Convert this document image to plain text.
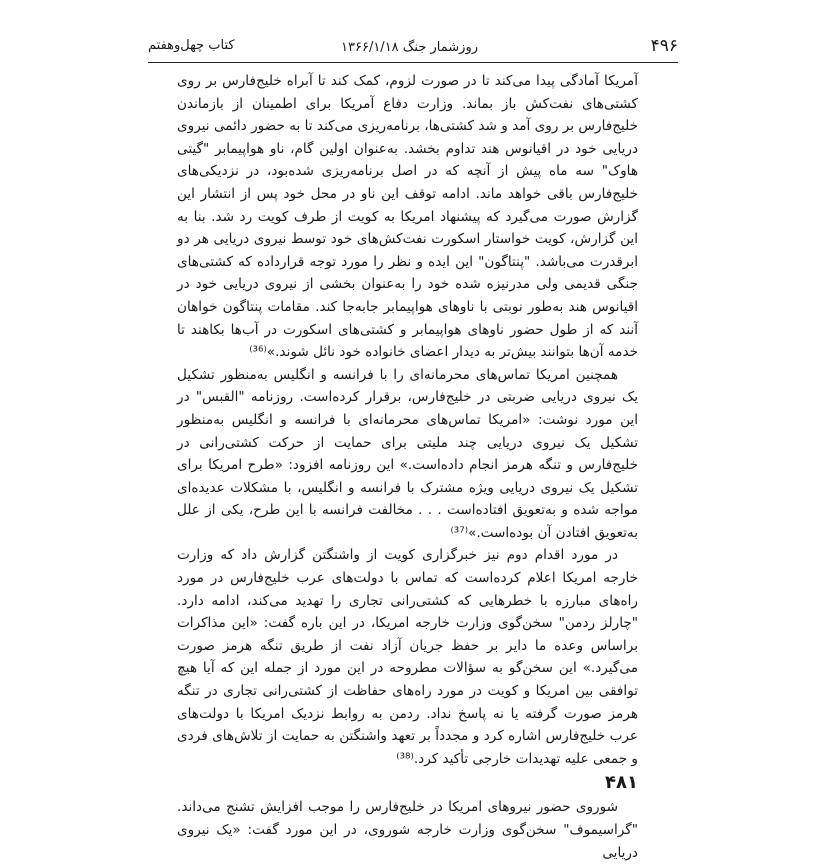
۴۹۶
روزشمار جنگ ۱۳۶۶/۱/۱۸
کتاب چهل‌وهفتم

آمریکا آمادگی پیدا می‌کند تا در صورت لزوم، کمک کند تا آبراه خلیج‌فارس بر روی کشتی‌های نفت‌کش باز بماند. وزارت دفاع آمریکا برای اطمینان از بازماندن خلیج‌فارس بر روی آمد و شد کشتی‌ها، برنامه‌ریزی می‌کند تا به حضور دائمی نیروی دریایی خود در اقیانوس هند تداوم بخشد. به‌عنوان اولین گام، ناو هواپیمابر "گیتی هاوک" سه ماه پیش از آنچه که در اصل برنامه‌ریزی شده‌بود، در نزدیکی‌های خلیج‌فارس باقی خواهد ماند. ادامه توقف این ناو در محل خود پس از انتشار این گزارش صورت می‌گیرد که پیشنهاد امریکا به کویت از طرف کویت رد شد. بنا به این گزارش، کویت خواستار اسکورت نفت‌کش‌های خود توسط نیروی دریایی هر دو ابرقدرت می‌باشد. "پنتاگون" این ایده و نظر را مورد توجه قرارداده که کشتی‌های جنگی قدیمی ولی مدرنیزه شده خود را به‌عنوان بخشی از نیروی دریایی خود در اقیانوس هند به‌طور نوبتی با ناوهای هواپیمابر جابه‌جا کند. مقامات پنتاگون خواهان آنند که از طول حضور ناوهای هواپیمابر و کشتی‌های اسکورت در آب‌ها بکاهند تا خدمه آن‌ها بتوانند بیش‌تر به دیدار اعضای خانواده خود نائل شوند.»⁽³⁶⁾

همچنین امریکا تماس‌های محرمانه‌ای را با فرانسه و انگلیس به‌منظور تشکیل یک نیروی دریایی ضربتی در خلیج‌فارس، برقرار کرده‌است. روزنامه "القبس" در این مورد نوشت: «امریکا تماس‌های محرمانه‌ای با فرانسه و انگلیس به‌منظور تشکیل یک نیروی دریایی چند ملیتی برای حمایت از حرکت کشتی‌رانی در خلیج‌فارس و تنگه هرمز انجام داده‌است.» این روزنامه افزود: «طرح امریکا برای تشکیل یک نیروی دریایی ویژه مشترک با فرانسه و انگلیس، با مشکلات عدیده‌ای مواجه شده و به‌تعویق افتاده‌است . . . مخالفت فرانسه با این طرح، یکی از علل به‌تعویق افتادن آن بوده‌است.»⁽³⁷⁾

در مورد اقدام دوم نیز خبرگزاری کویت از واشنگتن گزارش داد که وزارت خارجه امریکا اعلام کرده‌است که تماس با دولت‌های عرب خلیج‌فارس در مورد راه‌های مبارزه با خطرهایی که کشتی‌رانی تجاری را تهدید می‌کند، ادامه دارد. "چارلز ردمن" سخن‌گوی وزارت خارجه امریکا، در این باره گفت: «این مذاکرات براساس وعده ما دایر بر حفظ جریان آزاد نفت از طریق تنگه هرمز صورت می‌گیرد.» این سخن‌گو به سؤالات مطروحه در این مورد از جمله این که آیا هیچ توافقی بین امریکا و کویت در مورد راه‌های حفاظت از کشتی‌رانی تجاری در تنگه هرمز صورت گرفته یا نه پاسخ نداد. ردمن به روابط نزدیک امریکا با دولت‌های عرب خلیج‌فارس اشاره کرد و مجدداً بر تعهد واشنگتن به حمایت از تلاش‌های فردی و جمعی علیه تهدیدات خارجی تأکید کرد.⁽³⁸⁾

۴۸۱

شوروی حضور نیروهای امریکا در خلیج‌فارس را موجب افزایش تشنج می‌داند. "گراسیموف" سخن‌گوی وزارت خارجه شوروی، در این مورد گفت: «یک نیروی دریایی
